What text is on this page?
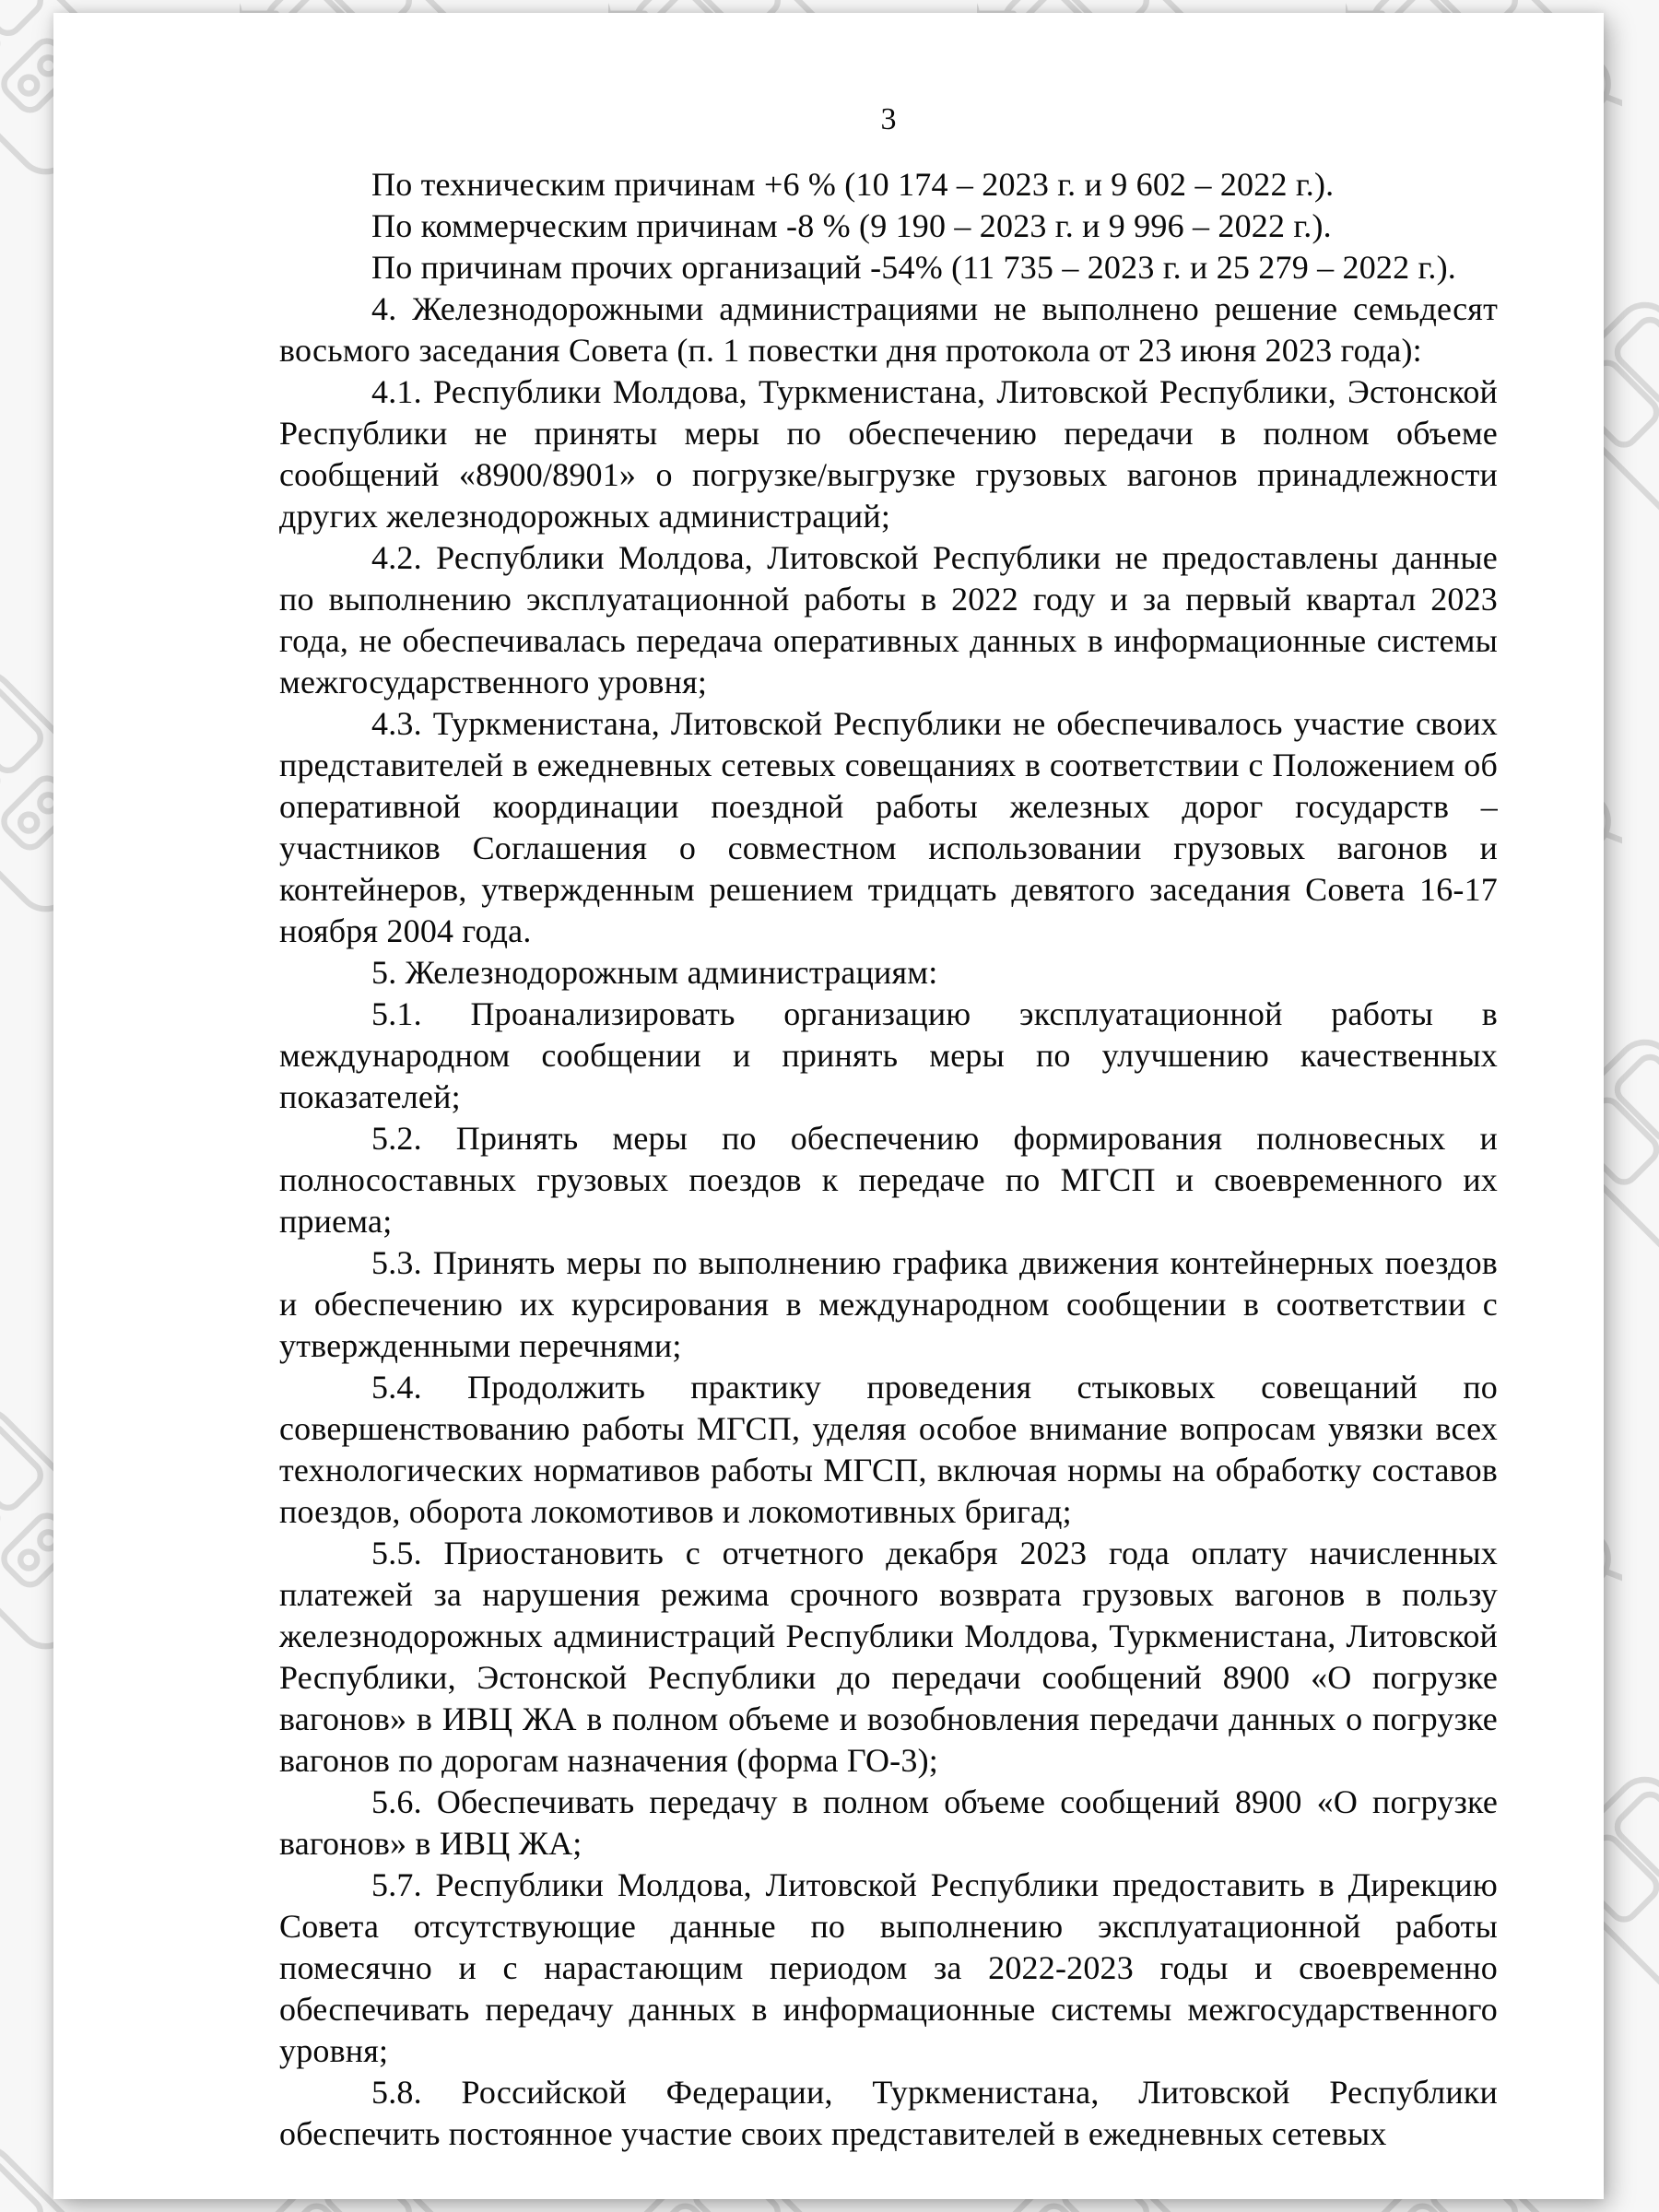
3

По техническим причинам +6 % (10 174 – 2023 г. и 9 602 – 2022 г.).

По коммерческим причинам -8 % (9 190 – 2023 г. и 9 996 – 2022 г.).

По причинам прочих организаций -54% (11 735 – 2023 г. и 25 279 – 2022 г.).

4. Железнодорожными администрациями не выполнено решение семьдесят восьмого заседания Совета (п. 1 повестки дня протокола от 23 июня 2023 года):

4.1. Республики Молдова, Туркменистана, Литовской Республики, Эстонской Республики не приняты меры по обеспечению передачи в полном объеме сообщений «8900/8901» о погрузке/выгрузке грузовых вагонов принадлежности других железнодорожных администраций;

4.2. Республики Молдова, Литовской Республики не предоставлены данные по выполнению эксплуатационной работы в 2022 году и за первый квартал 2023 года, не обеспечивалась передача оперативных данных в информационные системы межгосударственного уровня;

4.3. Туркменистана, Литовской Республики не обеспечивалось участие своих представителей в ежедневных сетевых совещаниях в соответствии с Положением об оперативной координации поездной работы железных дорог государств – участников Соглашения о совместном использовании грузовых вагонов и контейнеров, утвержденным решением тридцать девятого заседания Совета 16-17 ноября 2004 года.

5. Железнодорожным администрациям:

5.1. Проанализировать организацию эксплуатационной работы в международном сообщении и принять меры по улучшению качественных показателей;

5.2. Принять меры по обеспечению формирования полновесных и полносоставных грузовых поездов к передаче по МГСП и своевременного их приема;

5.3. Принять меры по выполнению графика движения контейнерных поездов и обеспечению их курсирования в международном сообщении в соответствии с утвержденными перечнями;

5.4. Продолжить практику проведения стыковых совещаний по совершенствованию работы МГСП, уделяя особое внимание вопросам увязки всех технологических нормативов работы МГСП, включая нормы на обработку составов поездов, оборота локомотивов и локомотивных бригад;

5.5. Приостановить с отчетного декабря 2023 года оплату начисленных платежей за нарушения режима срочного возврата грузовых вагонов в пользу железнодорожных администраций Республики Молдова, Туркменистана, Литовской Республики, Эстонской Республики до передачи сообщений 8900 «О погрузке вагонов» в ИВЦ ЖА в полном объеме и возобновления передачи данных о погрузке вагонов по дорогам назначения (форма ГО-3);

5.6. Обеспечивать передачу в полном объеме сообщений 8900 «О погрузке вагонов» в ИВЦ ЖА;

5.7. Республики Молдова, Литовской Республики предоставить в Дирекцию Совета отсутствующие данные по выполнению эксплуатационной работы помесячно и с нарастающим периодом за 2022-2023 годы и своевременно обеспечивать передачу данных в информационные системы межгосударственного уровня;

5.8. Российской Федерации, Туркменистана, Литовской Республики обеспечить постоянное участие своих представителей в ежедневных сетевых
